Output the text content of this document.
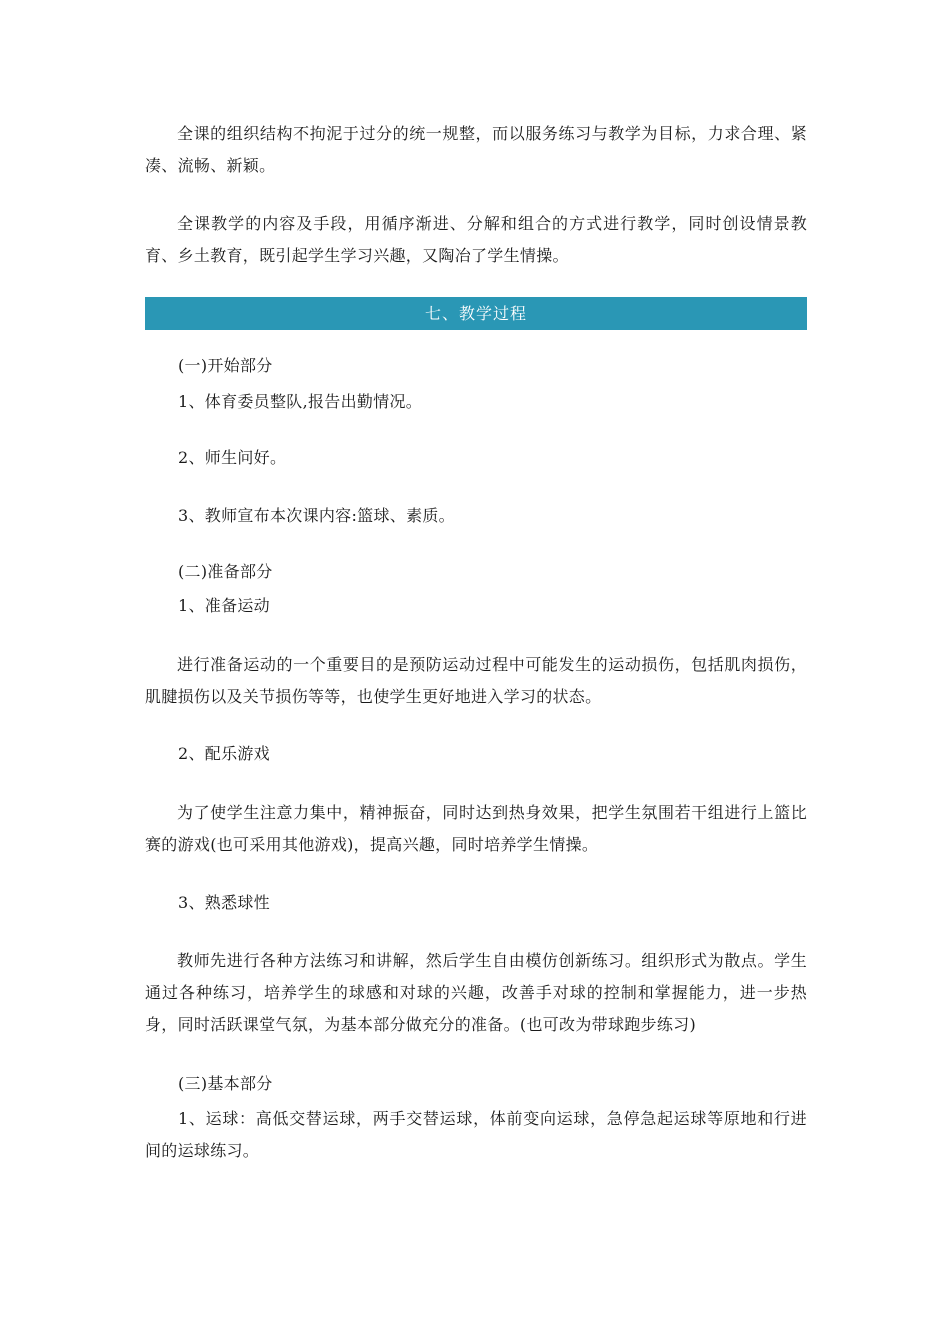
全课的组织结构不拘泥于过分的统一规整，而以服务练习与教学为目标，力求合理、紧凑、流畅、新颖。

全课教学的内容及手段，用循序渐进、分解和组合的方式进行教学，同时创设情景教育、乡土教育，既引起学生学习兴趣，又陶冶了学生情操。

七、教学过程

(一)开始部分

1、体育委员整队,报告出勤情况。

2、师生问好。

3、教师宣布本次课内容:篮球、素质。

(二)准备部分

1、准备运动

进行准备运动的一个重要目的是预防运动过程中可能发生的运动损伤，包括肌肉损伤，肌腱损伤以及关节损伤等等，也使学生更好地进入学习的状态。

2、配乐游戏

为了使学生注意力集中，精神振奋，同时达到热身效果，把学生氛围若干组进行上篮比赛的游戏(也可采用其他游戏)，提高兴趣，同时培养学生情操。

3、熟悉球性

教师先进行各种方法练习和讲解，然后学生自由模仿创新练习。组织形式为散点。学生通过各种练习，培养学生的球感和对球的兴趣，改善手对球的控制和掌握能力，进一步热身，同时活跃课堂气氛，为基本部分做充分的准备。(也可改为带球跑步练习)

(三)基本部分

1、运球：高低交替运球，两手交替运球，体前变向运球，急停急起运球等原地和行进间的运球练习。
